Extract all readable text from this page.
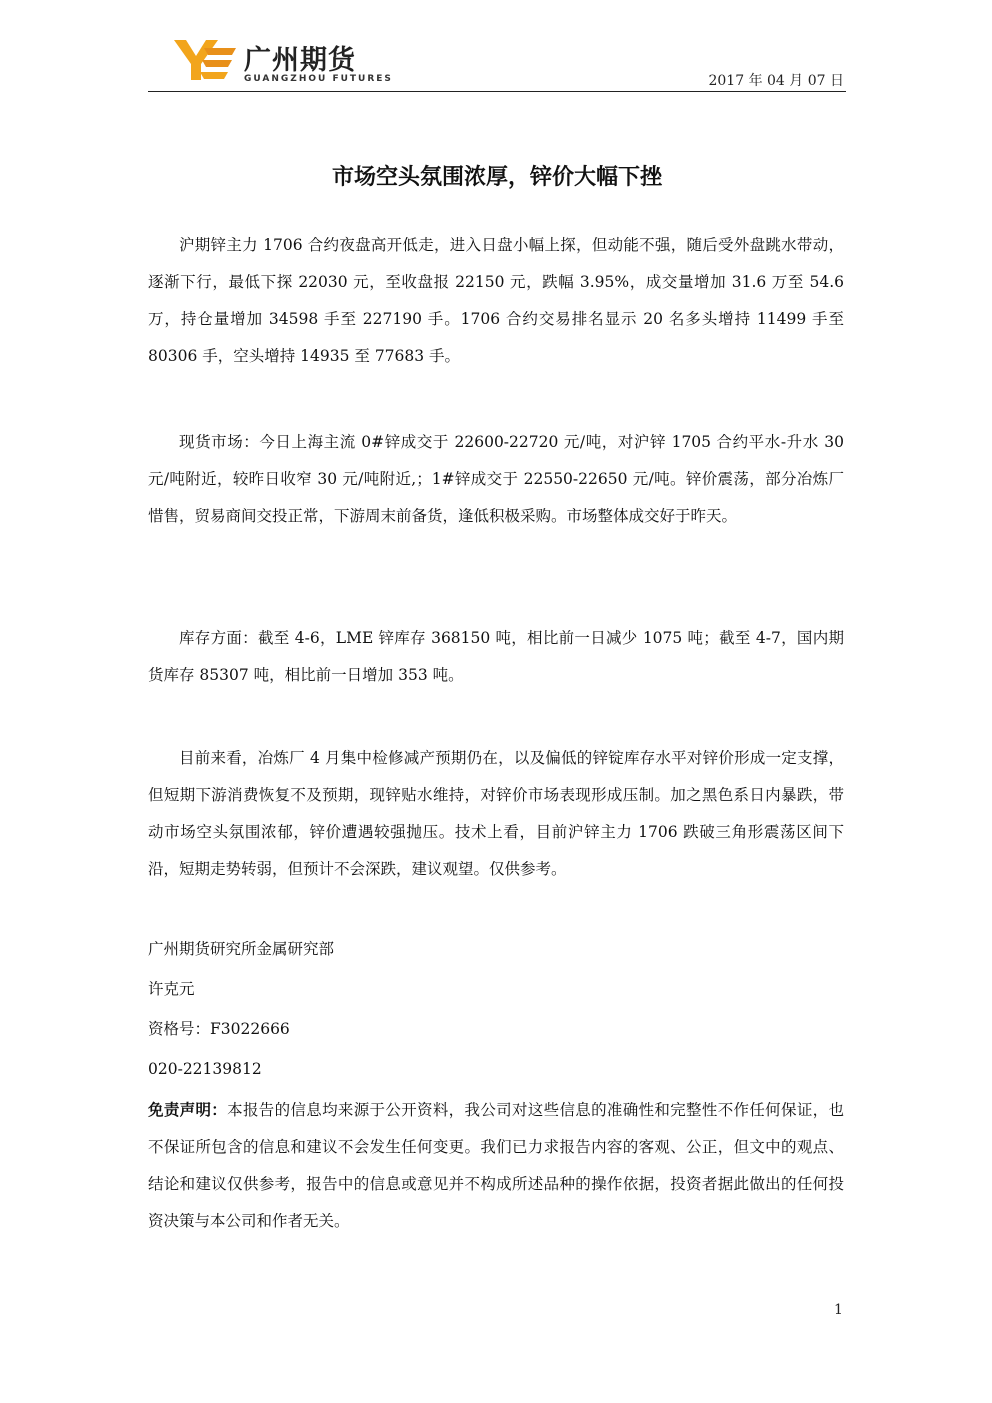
广州期货
GUANGZHOU FUTURES	2017 年 04 月 07 日
市场空头氛围浓厚，锌价大幅下挫
沪期锌主力 1706 合约夜盘高开低走，进入日盘小幅上探，但动能不强，随后受外盘跳水带动，逐渐下行，最低下探 22030 元，至收盘报 22150 元，跌幅 3.95%，成交量增加 31.6 万至 54.6 万，持仓量增加 34598 手至 227190 手。1706 合约交易排名显示 20 名多头增持 11499 手至 80306 手，空头增持 14935 至 77683 手。
现货市场：今日上海主流 0#锌成交于 22600-22720 元/吨，对沪锌 1705 合约平水-升水 30 元/吨附近，较昨日收窄 30 元/吨附近,；1#锌成交于 22550-22650 元/吨。锌价震荡，部分冶炼厂惜售，贸易商间交投正常，下游周末前备货，逢低积极采购。市场整体成交好于昨天。
库存方面：截至 4-6，LME 锌库存 368150 吨，相比前一日减少 1075 吨；截至 4-7，国内期货库存 85307 吨，相比前一日增加 353 吨。
目前来看，冶炼厂 4 月集中检修减产预期仍在，以及偏低的锌锭库存水平对锌价形成一定支撑，但短期下游消费恢复不及预期，现锌贴水维持，对锌价市场表现形成压制。加之黑色系日内暴跌，带动市场空头氛围浓郁，锌价遭遇较强抛压。技术上看，目前沪锌主力 1706 跌破三角形震荡区间下沿，短期走势转弱，但预计不会深跌，建议观望。仅供参考。
广州期货研究所金属研究部
许克元
资格号：F3022666
020-22139812
免责声明：本报告的信息均来源于公开资料，我公司对这些信息的准确性和完整性不作任何保证，也不保证所包含的信息和建议不会发生任何变更。我们已力求报告内容的客观、公正，但文中的观点、结论和建议仅供参考，报告中的信息或意见并不构成所述品种的操作依据，投资者据此做出的任何投资决策与本公司和作者无关。
1
